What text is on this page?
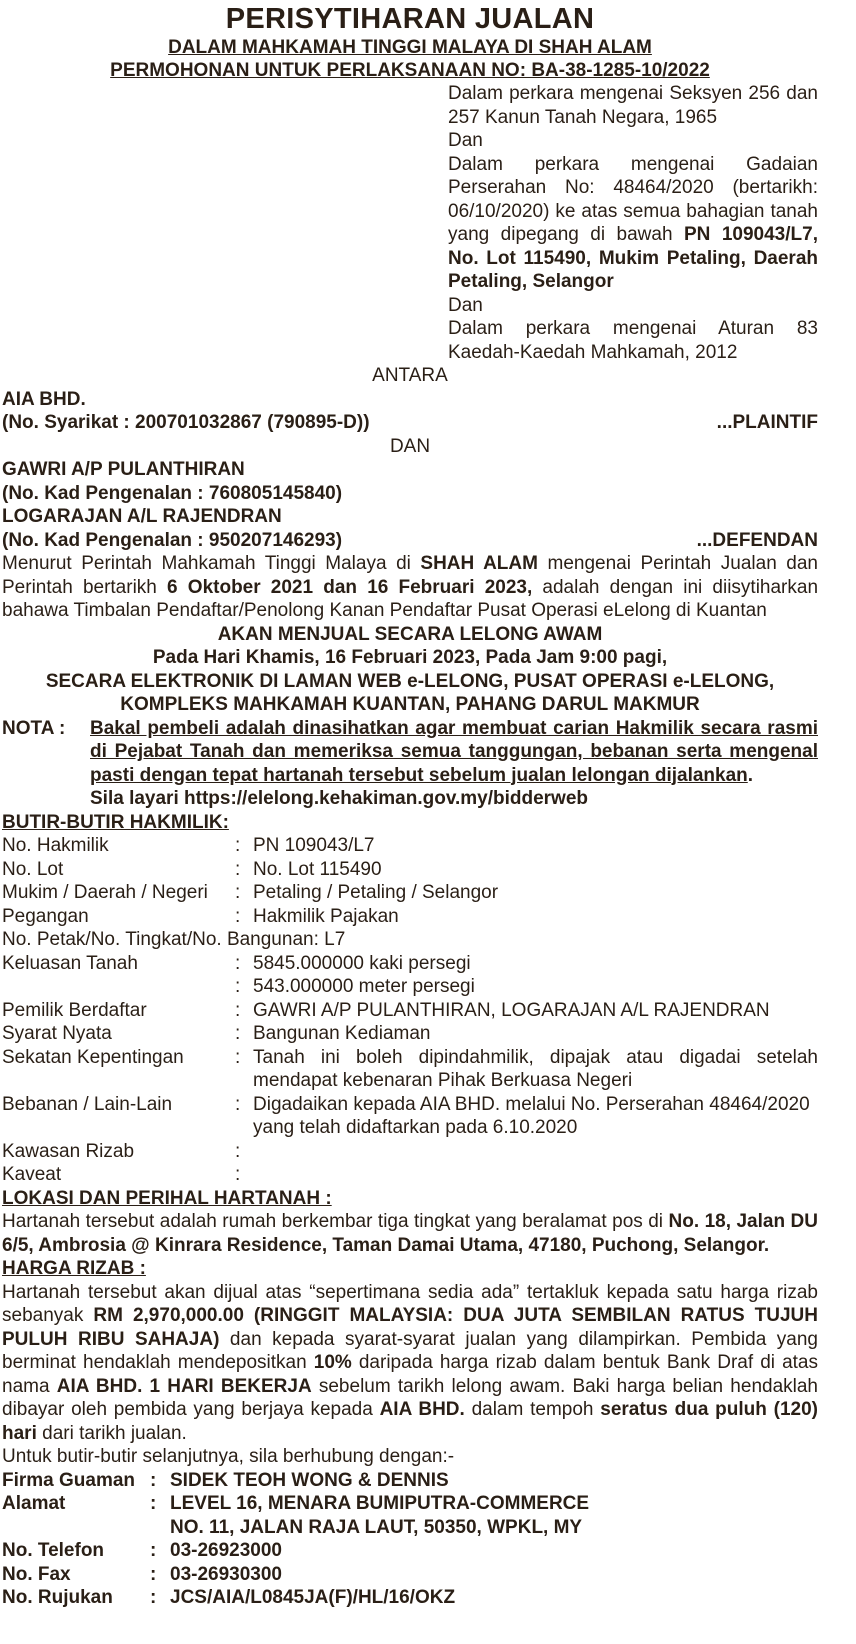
PERISYTIHARAN JUALAN
DALAM MAHKAMAH TINGGI MALAYA DI SHAH ALAM
PERMOHONAN UNTUK PERLAKSANAAN NO: BA-38-1285-10/2022

Dalam perkara mengenai Seksyen 256 dan 257 Kanun Tanah Negara, 1965

Dan

Dalam perkara mengenai Gadaian Perserahan No: 48464/2020 (bertarikh: 06/10/2020) ke atas semua bahagian tanah yang dipegang di bawah PN 109043/L7, No. Lot 115490, Mukim Petaling, Daerah Petaling, Selangor

Dan

Dalam perkara mengenai Aturan 83 Kaedah-Kaedah Mahkamah, 2012

ANTARA
AIA BHD.
(No. Syarikat : 200701032867 (790895-D))	...PLAINTIF
DAN
GAWRI A/P PULANTHIRAN
(No. Kad Pengenalan : 760805145840)
LOGARAJAN A/L RAJENDRAN
(No. Kad Pengenalan : 950207146293)	...DEFENDAN

Menurut Perintah Mahkamah Tinggi Malaya di SHAH ALAM mengenai Perintah Jualan dan Perintah bertarikh 6 Oktober 2021 dan 16 Februari 2023, adalah dengan ini diisytiharkan bahawa Timbalan Pendaftar/Penolong Kanan Pendaftar Pusat Operasi eLelong di Kuantan

AKAN MENJUAL SECARA LELONG AWAM
Pada Hari Khamis, 16 Februari 2023, Pada Jam 9:00 pagi,
SECARA ELEKTRONIK DI LAMAN WEB e-LELONG, PUSAT OPERASI e-LELONG,
KOMPLEKS MAHKAMAH KUANTAN, PAHANG DARUL MAKMUR
NOTA :	Bakal pembeli adalah dinasihatkan agar membuat carian Hakmilik secara rasmi di Pejabat Tanah dan memeriksa semua tanggungan, bebanan serta mengenal pasti dengan tepat hartanah tersebut sebelum jualan lelongan dijalankan.
Sila layari https://elelong.kehakiman.gov.my/bidderweb
BUTIR-BUTIR HAKMILIK:
No. Hakmilik	: PN 109043/L7
No. Lot	: No. Lot 115490
Mukim / Daerah / Negeri	: Petaling / Petaling / Selangor
Pegangan	: Hakmilik Pajakan
No. Petak/No. Tingkat/No. Bangunan: L7
Keluasan Tanah	: 5845.000000 kaki persegi
: 543.000000 meter persegi
Pemilik Berdaftar	: GAWRI A/P PULANTHIRAN, LOGARAJAN A/L RAJENDRAN
Syarat Nyata	: Bangunan Kediaman
Sekatan Kepentingan	: Tanah ini boleh dipindahmilik, dipajak atau digadai setelah mendapat kebenaran Pihak Berkuasa Negeri
Bebanan / Lain-Lain	: Digadaikan kepada AIA BHD. melalui No. Perserahan 48464/2020 yang telah didaftarkan pada 6.10.2020
Kawasan Rizab	:
Kaveat	:
LOKASI DAN PERIHAL HARTANAH :

Hartanah tersebut adalah rumah berkembar tiga tingkat yang beralamat pos di No. 18, Jalan DU 6/5, Ambrosia @ Kinrara Residence, Taman Damai Utama, 47180, Puchong, Selangor.

HARGA RIZAB :

Hartanah tersebut akan dijual atas “sepertimana sedia ada” tertakluk kepada satu harga rizab sebanyak RM 2,970,000.00 (RINGGIT MALAYSIA: DUA JUTA SEMBILAN RATUS TUJUH PULUH RIBU SAHAJA) dan kepada syarat-syarat jualan yang dilampirkan. Pembida yang berminat hendaklah mendepositkan 10% daripada harga rizab dalam bentuk Bank Draf di atas nama AIA BHD. 1 HARI BEKERJA sebelum tarikh lelong awam. Baki harga belian hendaklah dibayar oleh pembida yang berjaya kepada AIA BHD. dalam tempoh seratus dua puluh (120) hari dari tarikh jualan.

Untuk butir-butir selanjutnya, sila berhubung dengan:-
Firma Guaman : SIDEK TEOH WONG & DENNIS
Alamat	: LEVEL 16, MENARA BUMIPUTRA-COMMERCE
NO. 11, JALAN RAJA LAUT, 50350, WPKL, MY
No. Telefon	: 03-26923000
No. Fax	: 03-26930300
No. Rujukan	: JCS/AIA/L0845JA(F)/HL/16/OKZ
